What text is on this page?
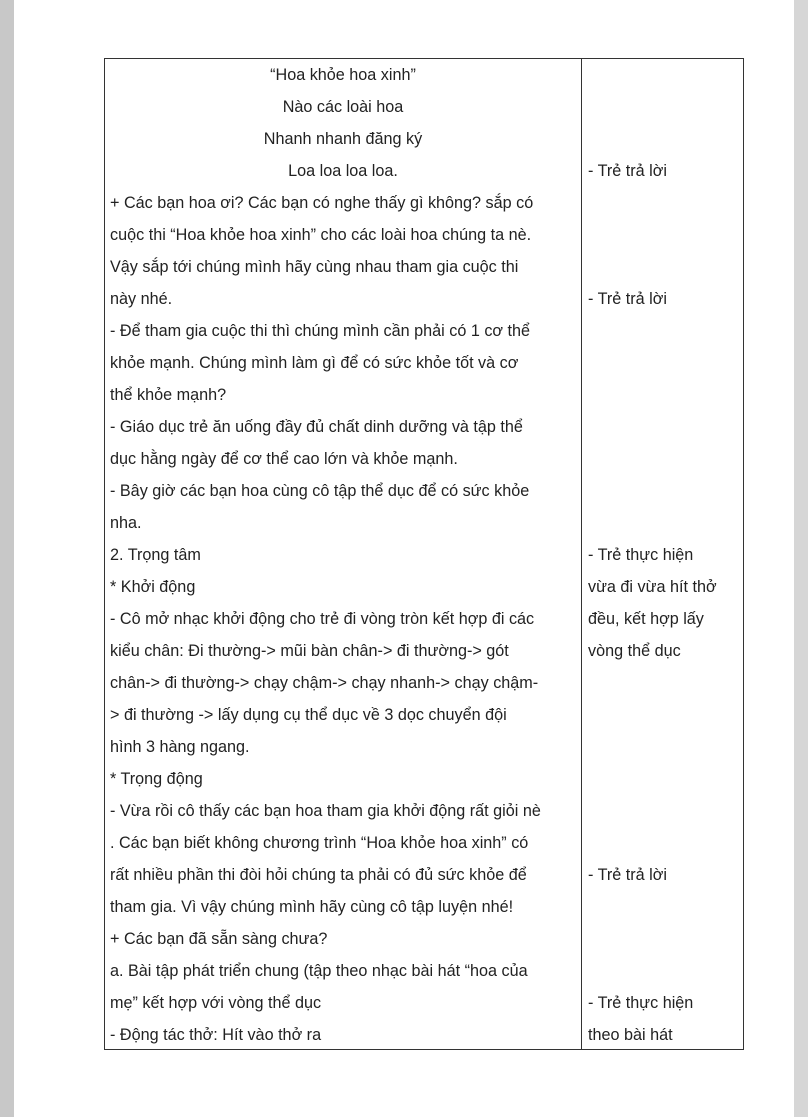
“Hoa khỏe hoa xinh”
Nào các loài hoa
Nhanh nhanh đăng ký
Loa loa loa loa.
+ Các bạn hoa ơi? Các bạn có nghe thấy gì không? sắp có
cuộc thi “Hoa khỏe hoa xinh” cho các loài hoa chúng ta nè.
Vậy sắp tới chúng mình hãy cùng nhau tham gia cuộc thi
này nhé.
- Để tham gia cuộc thi thì chúng mình cần phải có 1 cơ thể
khỏe mạnh. Chúng mình làm gì để có sức khỏe tốt và cơ
thể khỏe mạnh?
- Giáo dục trẻ ăn uống đầy đủ chất dinh dưỡng và tập thể
dục hằng ngày để cơ thể cao lớn và khỏe mạnh.
- Bây giờ các bạn hoa cùng cô tập thể dục để có sức khỏe
nha.
2. Trọng tâm
* Khởi động
- Cô mở nhạc khởi động cho trẻ đi vòng tròn kết hợp đi các
kiểu chân: Đi thường-> mũi bàn chân-> đi thường-> gót
chân-> đi thường-> chạy chậm-> chạy nhanh-> chạy chậm-
> đi thường -> lấy dụng cụ thể dục về 3 dọc chuyển đội
hình 3 hàng ngang.
* Trọng động
- Vừa rồi cô thấy các bạn hoa tham gia khởi động rất giỏi nè
. Các bạn biết không chương trình “Hoa khỏe hoa xinh” có
rất nhiều phần thi đòi hỏi chúng ta phải có đủ sức khỏe để
tham gia. Vì vậy chúng mình hãy cùng cô tập luyện nhé!
+ Các bạn đã sẵn sàng chưa?
a. Bài tập phát triển chung (tập theo nhạc bài hát “hoa của
mẹ” kết hợp với vòng thể dục
- Động tác thở: Hít vào thở ra
- Trẻ trả lời
- Trẻ trả lời
- Trẻ thực hiện
vừa đi vừa hít thở
đều, kết hợp lấy
vòng thể dục
- Trẻ trả lời
- Trẻ thực hiện
theo bài hát
